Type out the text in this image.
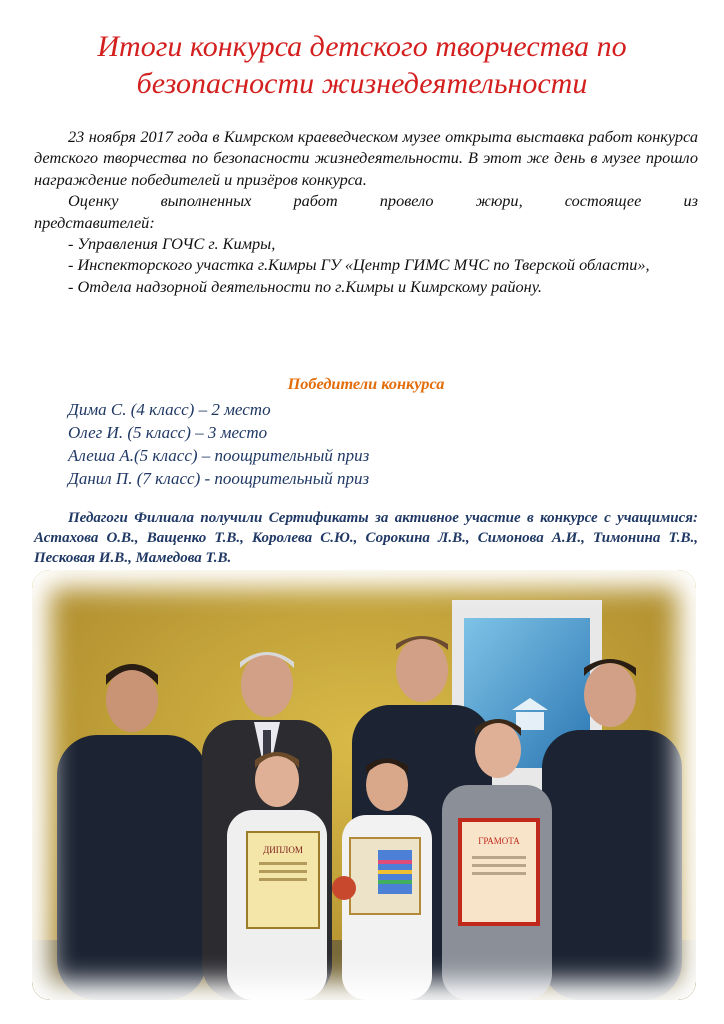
Итоги конкурса детского творчества по
безопасности жизнедеятельности

23 ноября 2017 года в Кимрском краеведческом музее открыта выставка работ конкурса детского творчества по безопасности жизнедеятельности. В этот же день в музее прошло награждение победителей и призёров конкурса.

Оценку выполненных работ провело жюри, состоящее из

представителей:

- Управления ГОЧС г. Кимры,

- Инспекторского участка г.Кимры ГУ «Центр ГИМС МЧС по Тверской области»,

- Отдела надзорной деятельности по г.Кимры и Кимрскому району.

Победители конкурса

Дима С. (4 класс) – 2 место

Олег И. (5 класс) – 3 место

Алеша А.(5 класс) – поощрительный приз

Данил П. (7 класс) - поощрительный приз

Педагоги Филиала получили Сертификаты за активное участие в конкурсе с учащимися: Астахова О.В., Ващенко Т.В., Королева С.Ю., Сорокина Л.В., Симонова А.И., Тимонина Т.В., Песковая И.В., Мамедова Т.В.

ДИПЛОМ
ГРАМОТА
